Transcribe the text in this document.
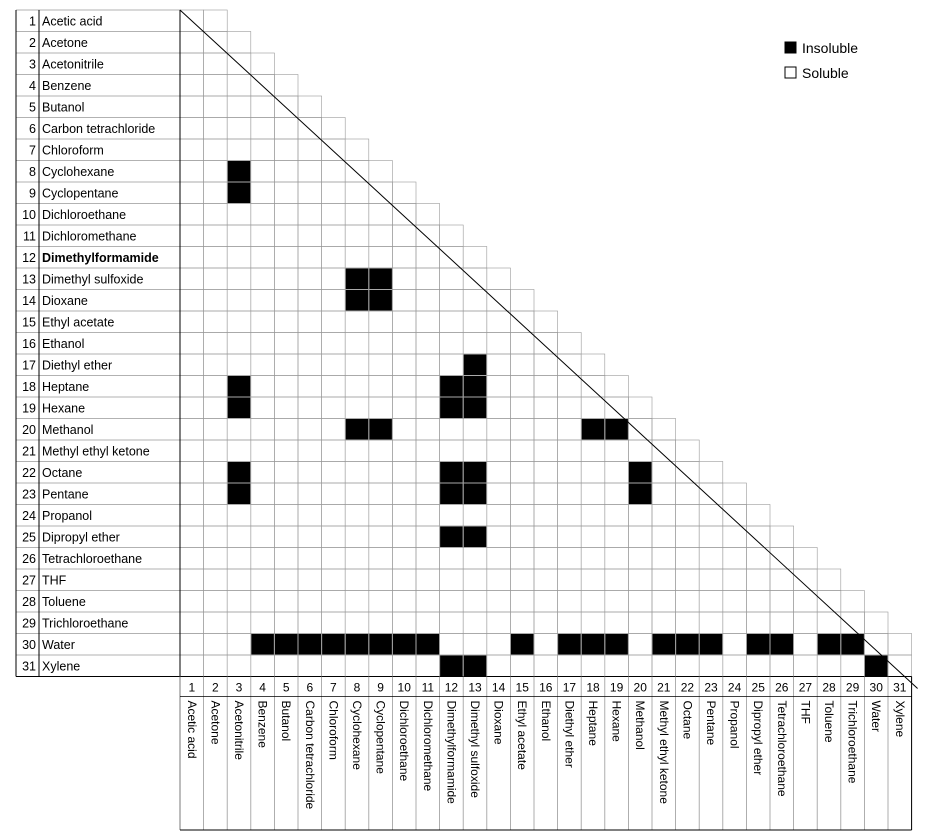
1 Acetic acid
2 Acetone
3 Acetonitrile
4 Benzene
5 Butanol
6 Carbon tetrachloride
7 Chloroform
8 Cyclohexane
9 Cyclopentane
10 Dichloroethane
11 Dichloromethane
12 Dimethylformamide
13 Dimethyl sulfoxide
14 Dioxane
15 Ethyl acetate
16 Ethanol
17 Diethyl ether
18 Heptane
19 Hexane
20 Methanol
21 Methyl ethyl ketone
22 Octane
23 Pentane
24 Propanol
25 Dipropyl ether
26 Tetrachloroethane
27 THF
28 Toluene
29 Trichloroethane
30 Water
31 Xylene
1
Acetic acid
2
Acetone
3
Acetonitrile
4
Benzene
5
Butanol
6
Carbon tetrachloride
7
Chloroform
8
Cyclohexane
9
Cyclopentane
10
Dichloroethane
11
Dichloromethane
12
Dimethylformamide
13
Dimethyl sulfoxide
14
Dioxane
15
Ethyl acetate
16
Ethanol
17
Diethyl ether
18
Heptane
19
Hexane
20
Methanol
21
Methyl ethyl ketone
22
Octane
23
Pentane
24
Propanol
25
Dipropyl ether
26
Tetrachloroethane
27
THF
28
Toluene
29
Trichloroethane
30
Water
31
Xylene
Insoluble
Soluble
